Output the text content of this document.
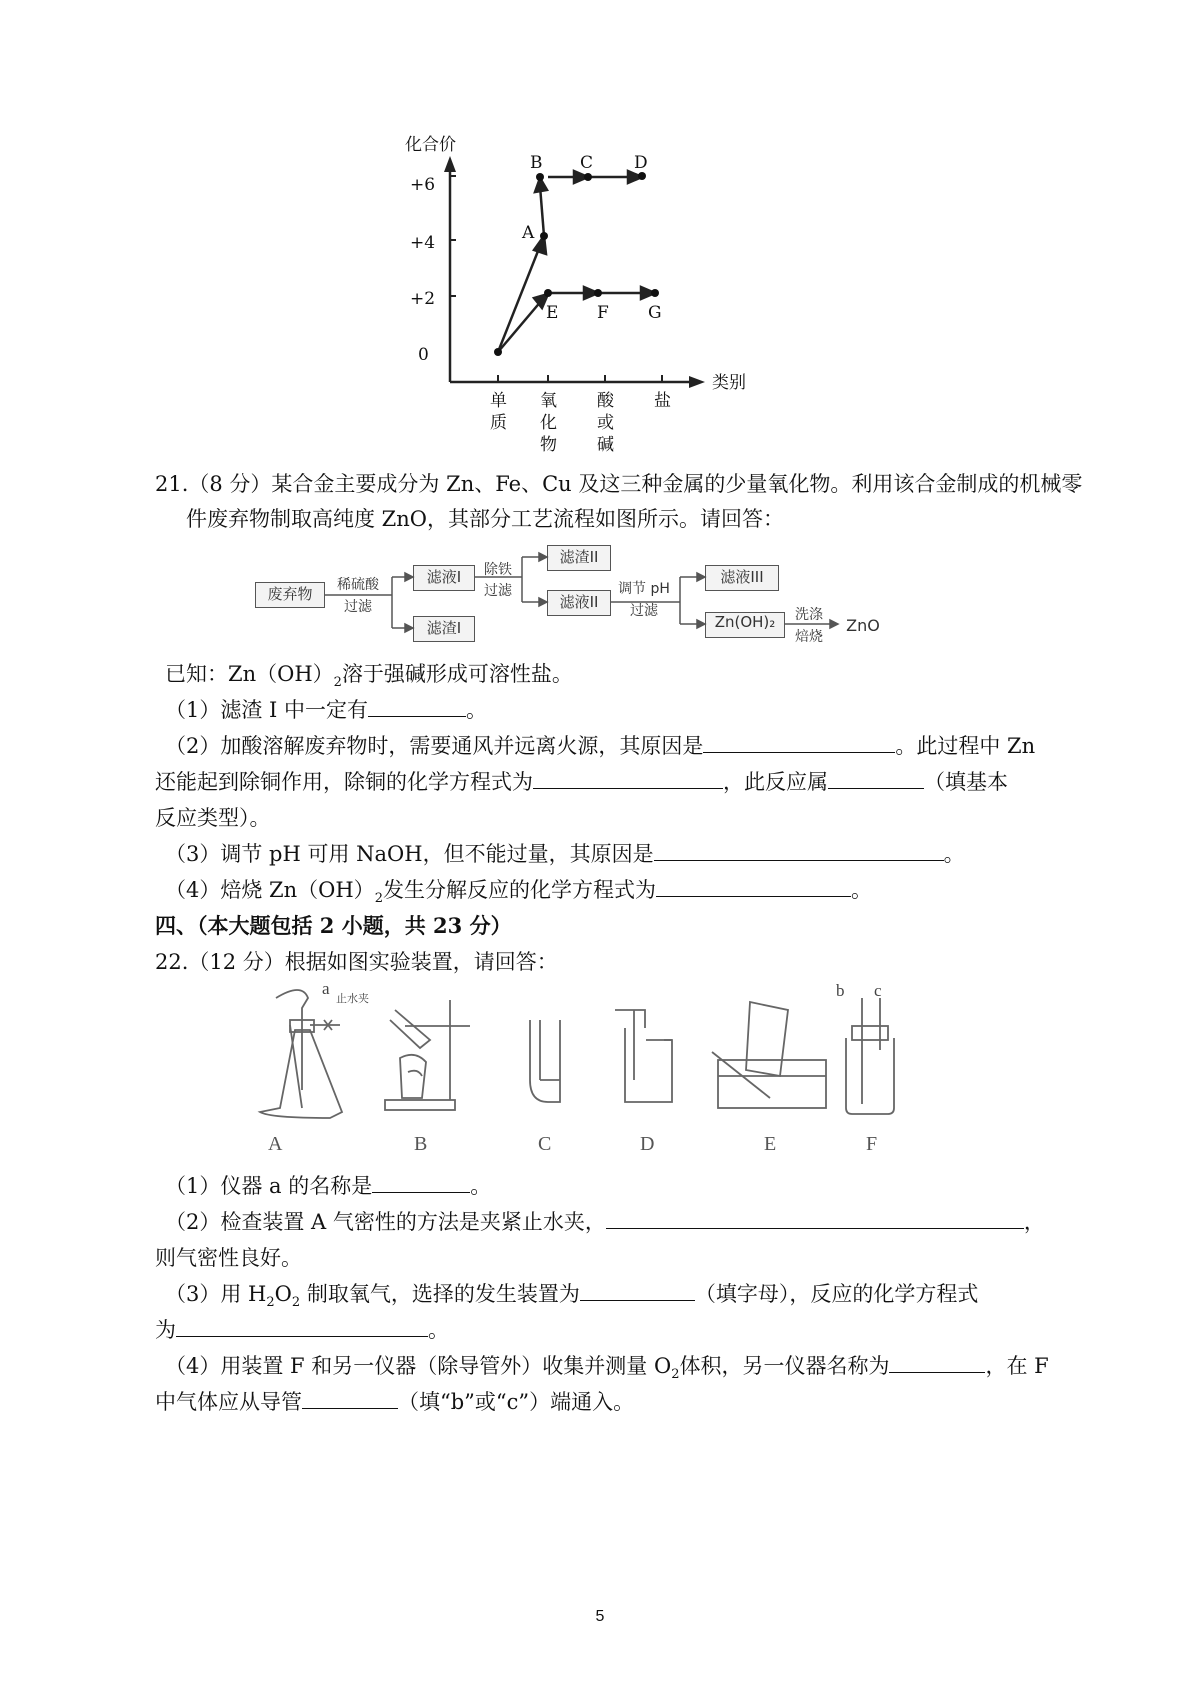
化合价
类别
+6
+4
+2
0
A
B C D
E F G
单
质
氧
化
物
酸
或
碱
盐
21.（8 分）某合金主要成分为 Zn、Fe、Cu 及这三种金属的少量氧化物。利用该合金制成的机械零
件废弃物制取高纯度 ZnO，其部分工艺流程如图所示。请回答：
废弃物	稀硫酸
过滤
滤液I
滤渣I
除铁
过滤
滤渣II
滤液II
调节 pH
过滤
滤液III
Zn(OH)₂	洗涤
焙烧
ZnO
已知：$Zn(OH)_2$溶于强碱形成可溶性盐。
（1）滤渣 I 中一定有	。
（2）加酸溶解废弃物时，需要通风并远离火源，其原因是	。此过程中 Zn
还能起到除铜作用，除铜的化学方程式为	，此反应属	（填基本
反应类型）。
（3）调节 pH 可用 NaOH，但不能过量，其原因是	。
（4）焙烧 $Zn(OH)_2$发生分解反应的化学方程式为	。
四、（本大题包括 2 小题，共 23 分）
22.（12 分）根据如图实验装置，请回答：
a
止水夹	b c
A	B	C	D	E	F
（1）仪器 a 的名称是	。
（2）检查装置 A 气密性的方法是夹紧止水夹，	，
则气密性良好。
（3）用 $H_2O_2$ 制取氧气，选择的发生装置为	（填字母），反应的化学方程式
为	。
（4）用装置 F 和另一仪器（除导管外）收集并测量 $O_2$体积，另一仪器名称为	，在 F
中气体应从导管	（填“b”或“c”）端通入。
5
